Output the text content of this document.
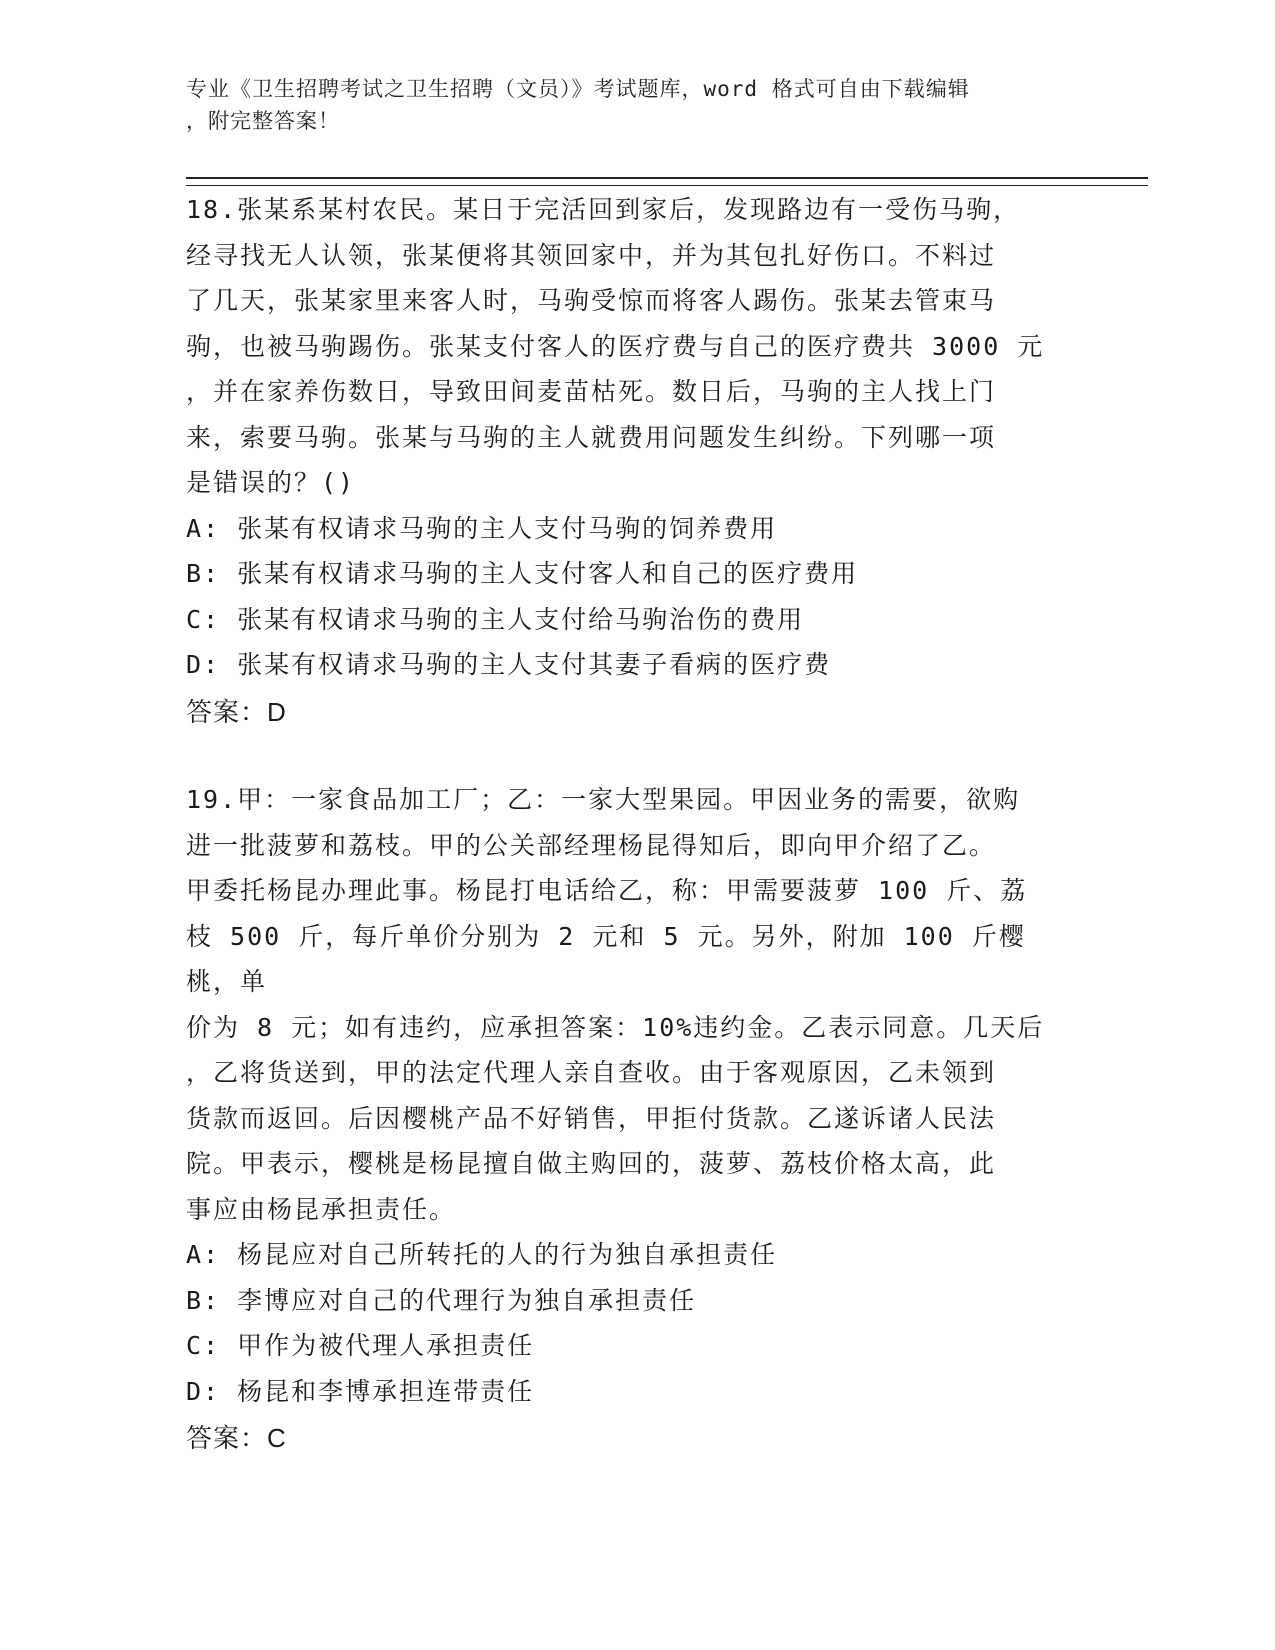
专业《卫生招聘考试之卫生招聘（文员）》考试题库，word 格式可自由下载编辑
，附完整答案！
18.张某系某村农民。某日于完活回到家后，发现路边有一受伤马驹，
经寻找无人认领，张某便将其领回家中，并为其包扎好伤口。不料过
了几天，张某家里来客人时，马驹受惊而将客人踢伤。张某去管束马
驹，也被马驹踢伤。张某支付客人的医疗费与自己的医疗费共 3000 元
，并在家养伤数日，导致田间麦苗枯死。数日后，马驹的主人找上门
来，索要马驹。张某与马驹的主人就费用问题发生纠纷。下列哪一项
是错误的？()
A: 张某有权请求马驹的主人支付马驹的饲养费用
B: 张某有权请求马驹的主人支付客人和自己的医疗费用
C: 张某有权请求马驹的主人支付给马驹治伤的费用
D: 张某有权请求马驹的主人支付其妻子看病的医疗费
答案：D
19.甲：一家食品加工厂；乙：一家大型果园。甲因业务的需要，欲购
进一批菠萝和荔枝。甲的公关部经理杨昆得知后，即向甲介绍了乙。
甲委托杨昆办理此事。杨昆打电话给乙，称：甲需要菠萝 100 斤、荔
枝 500 斤，每斤单价分别为 2 元和 5 元。另外，附加 100 斤樱桃，单
价为 8 元；如有违约，应承担答案：10%违约金。乙表示同意。几天后
，乙将货送到，甲的法定代理人亲自查收。由于客观原因，乙未领到
货款而返回。后因樱桃产品不好销售，甲拒付货款。乙遂诉诸人民法
院。甲表示，樱桃是杨昆擅自做主购回的，菠萝、荔枝价格太高，此
事应由杨昆承担责任。
A: 杨昆应对自己所转托的人的行为独自承担责任
B: 李博应对自己的代理行为独自承担责任
C: 甲作为被代理人承担责任
D: 杨昆和李博承担连带责任
答案：C
